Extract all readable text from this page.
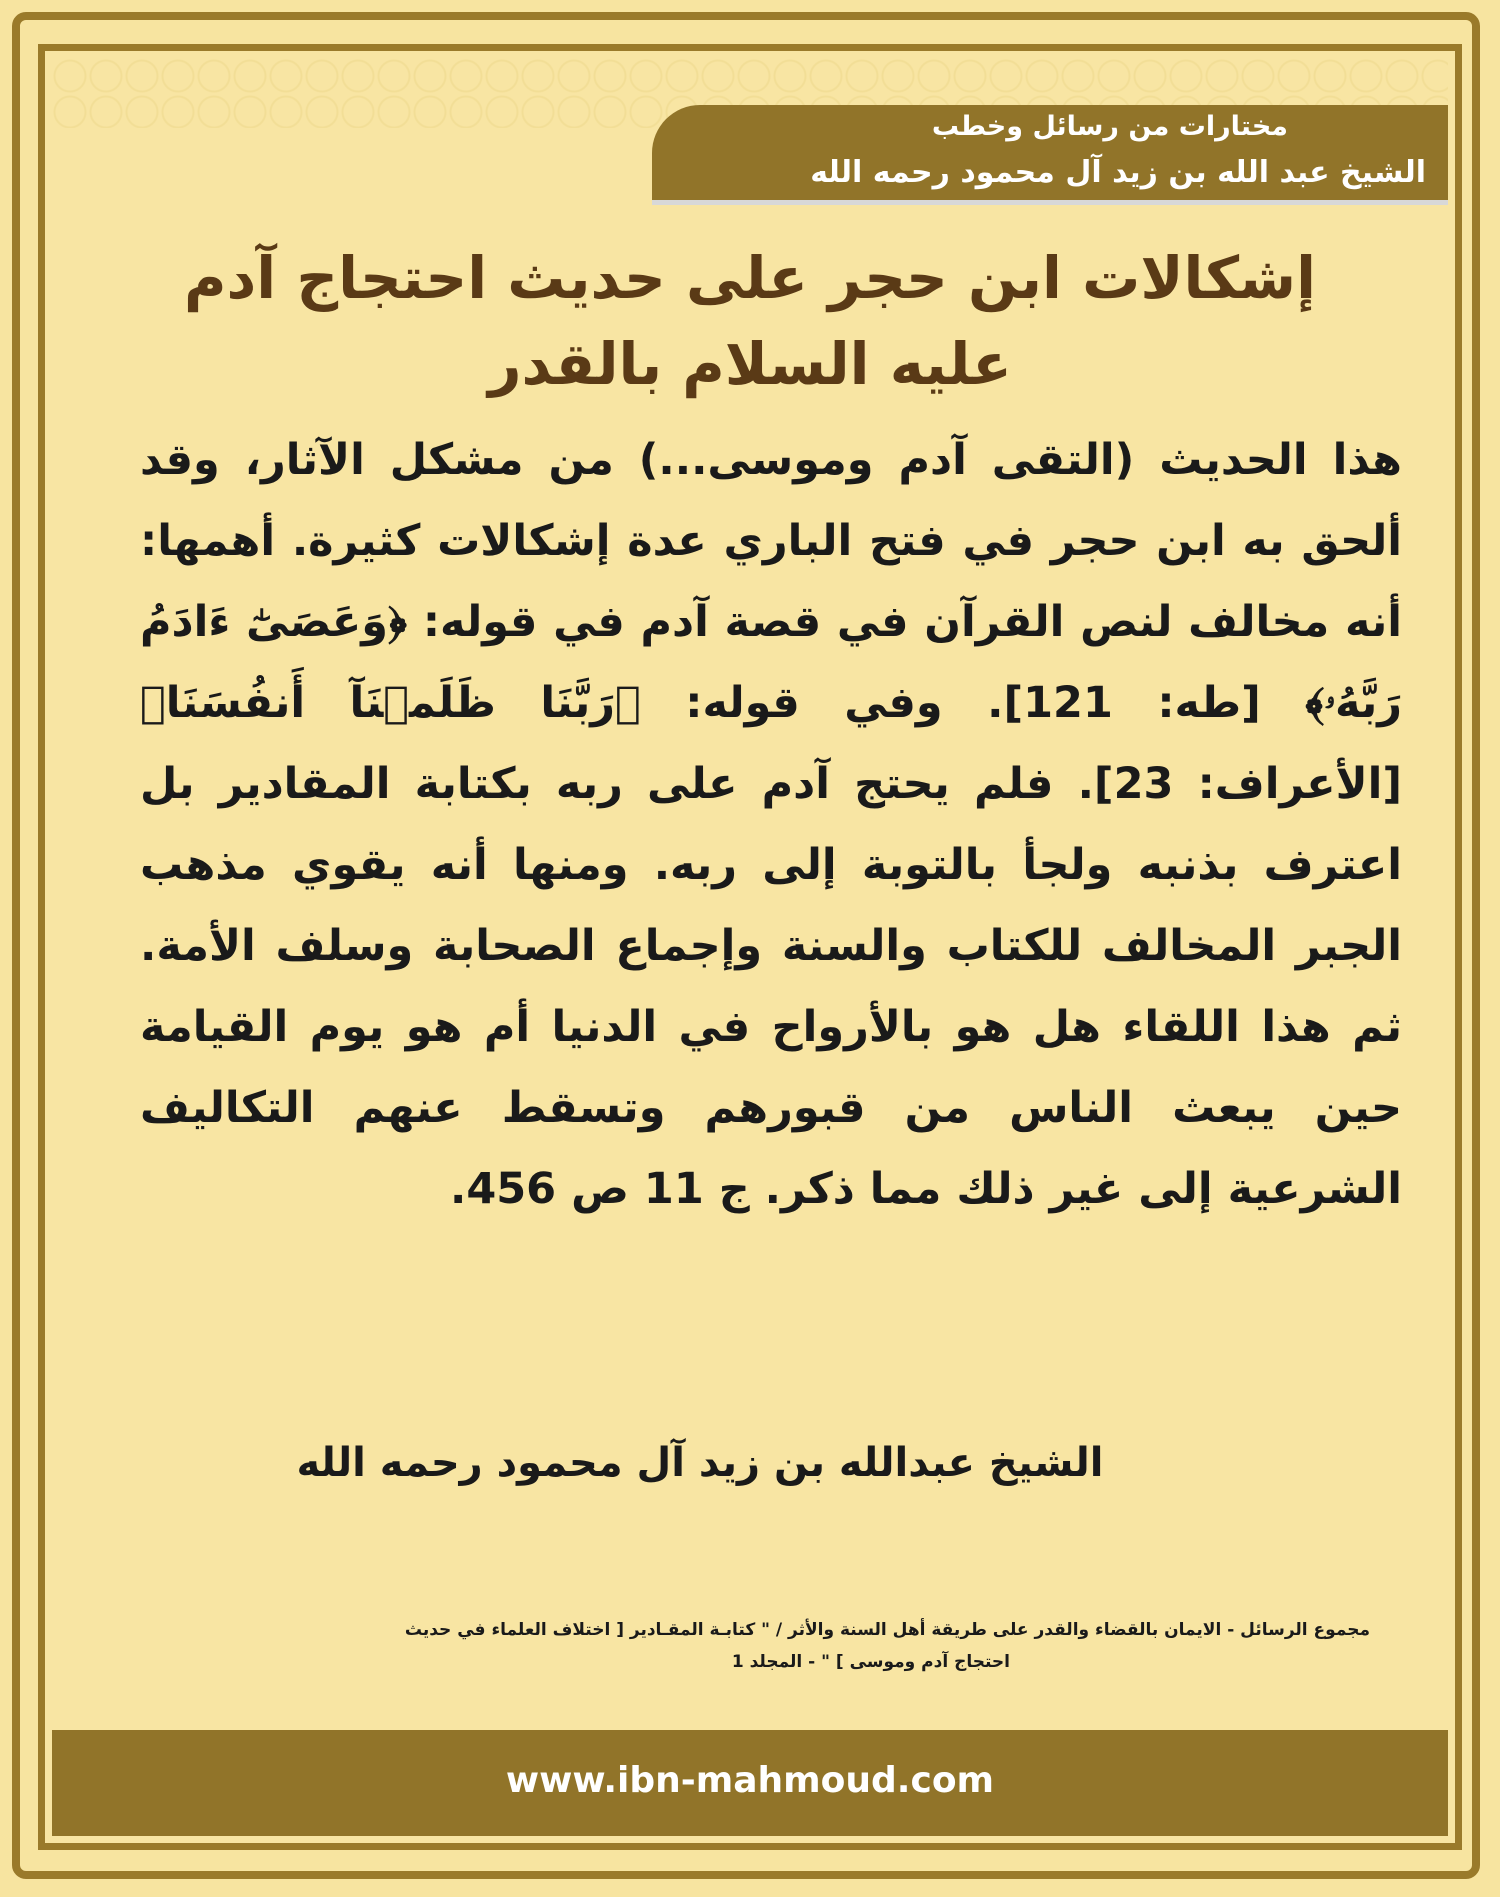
مختارات من رسائل وخطب
الشيخ عبد الله بن زيد آل محمود رحمه الله
إشكالات ابن حجر على حديث احتجاج آدم
عليه السلام بالقدر
هذا الحديث (التقى آدم وموسى...) من مشكل الآثار، وقد ألحق به ابن حجر في فتح الباري عدة إشكالات كثيرة. أهمها: أنه مخالف لنص القرآن في قصة آدم في قوله: ﴿وَعَصَىٰٓ ءَادَمُ رَبَّهُۥ﴾ [طه: 121]. وفي قوله: ﴿رَبَّنَا ظَلَمۡنَآ أَنفُسَنَا﴾ [الأعراف: 23]. فلم يحتج آدم على ربه بكتابة المقادير بل اعترف بذنبه ولجأ بالتوبة إلى ربه. ومنها أنه يقوي مذهب الجبر المخالف للكتاب والسنة وإجماع الصحابة وسلف الأمة. ثم هذا اللقاء هل هو بالأرواح في الدنيا أم هو يوم القيامة حين يبعث الناس من قبورهم وتسقط عنهم التكاليف الشرعية إلى غير ذلك مما ذكر. ج 11 ص 456.
الشيخ عبدالله بن زيد آل محمود رحمه الله
مجموع الرسائل - الايمان بالقضاء والقدر على طريقة أهل السنة والأثر / " كتابـة المقـادير [ اختلاف العلماء في حديث
احتجاج آدم وموسى ] " - المجلد 1
www.ibn-mahmoud.com
